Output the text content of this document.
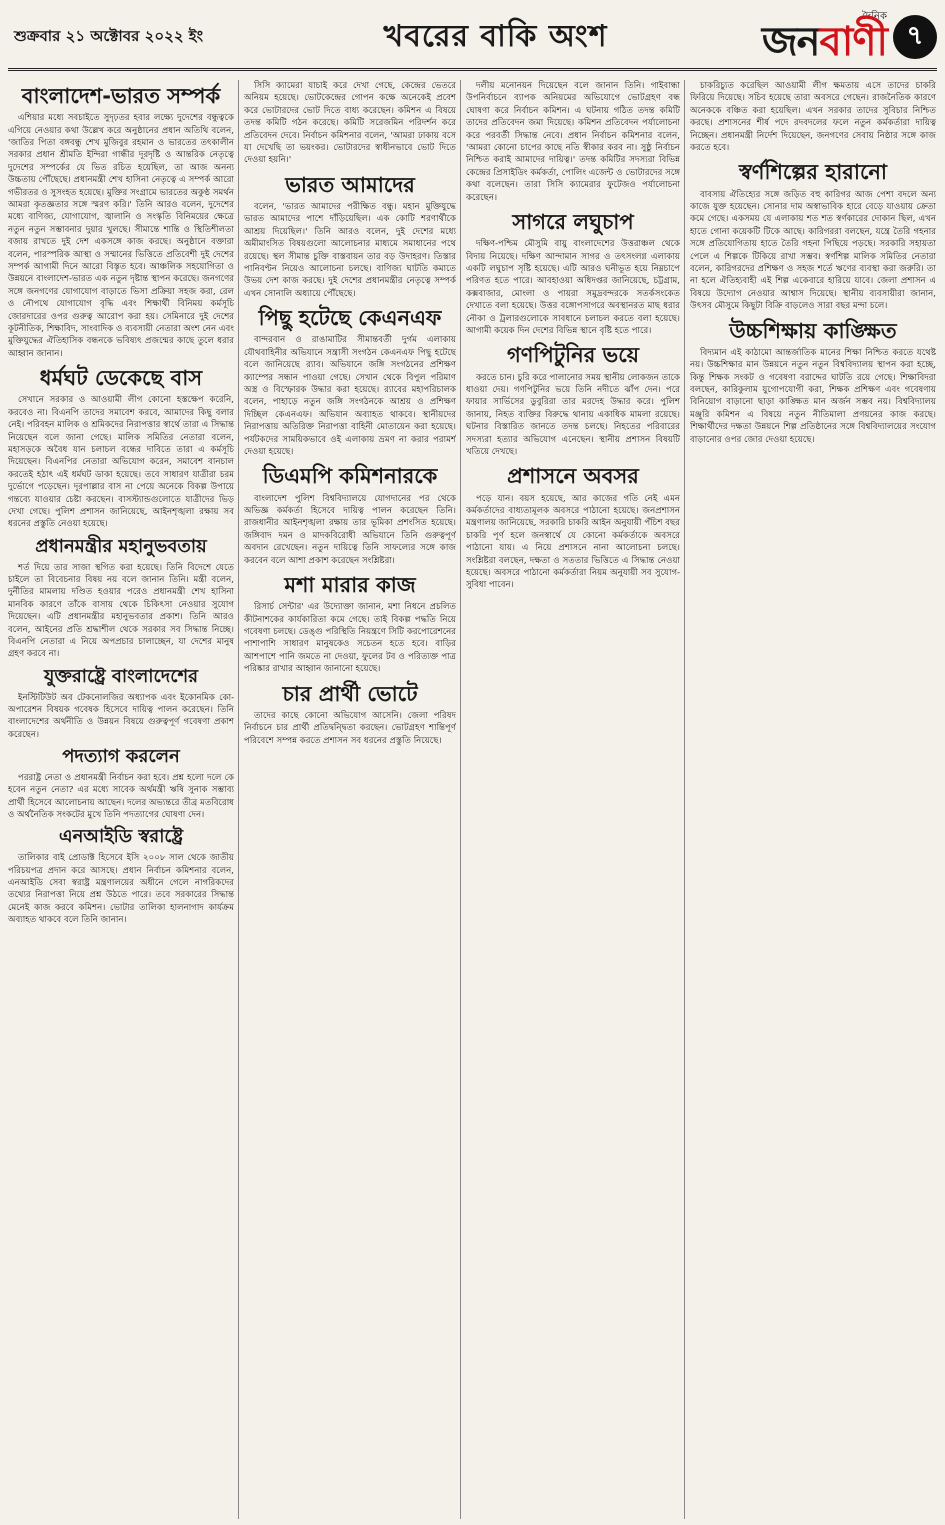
শুক্রবার ২১ অক্টোবর ২০২২ ইং	খবরের বাকি অংশ
দৈনিক
জনবাণী ৭
বাংলাদেশ-ভারত সম্পর্ক

এশিয়ার মধ্যে সবচাইতে সুদৃঢ়তর হবার লক্ষ্যে দুদেশের বন্ধুত্বকে এগিয়ে নেওয়ার কথা উল্লেখ করে অনুষ্ঠানের প্রধান অতিথি বলেন, 'জাতির পিতা বঙ্গবন্ধু শেখ মুজিবুর রহমান ও ভারতের তৎকালীন সরকার প্রধান শ্রীমতি ইন্দিরা গান্ধীর দূরদৃষ্টি ও আন্তরিক নেতৃত্বে দুদেশের সম্পর্কের যে ভিত রচিত হয়েছিল, তা আজ অনন্য উচ্চতায় পৌঁছেছে। প্রধানমন্ত্রী শেখ হাসিনা নেতৃত্বে এ সম্পর্ক আরো গভীরতর ও সুসংহত হয়েছে। মুক্তির সংগ্রামে ভারতের অকুণ্ঠ সমর্থন আমরা কৃতজ্ঞতার সঙ্গে স্মরণ করি।' তিনি আরও বলেন, দুদেশের মধ্যে বাণিজ্য, যোগাযোগ, জ্বালানি ও সংস্কৃতি বিনিময়ের ক্ষেত্রে নতুন নতুন সম্ভাবনার দুয়ার খুলছে। সীমান্তে শান্তি ও স্থিতিশীলতা বজায় রাখতে দুই দেশ একসঙ্গে কাজ করছে। অনুষ্ঠানে বক্তারা বলেন, পারস্পরিক আস্থা ও সম্মানের ভিত্তিতে প্রতিবেশী দুই দেশের সম্পর্ক আগামী দিনে আরো বিস্তৃত হবে। আঞ্চলিক সহযোগিতা ও উন্নয়নে বাংলাদেশ-ভারত এক নতুন দৃষ্টান্ত স্থাপন করেছে। জনগণের সঙ্গে জনগণের যোগাযোগ বাড়াতে ভিসা প্রক্রিয়া সহজ করা, রেল ও নৌপথে যোগাযোগ বৃদ্ধি এবং শিক্ষার্থী বিনিময় কর্মসূচি জোরদারের ওপর গুরুত্ব আরোপ করা হয়। সেমিনারে দুই দেশের কূটনীতিক, শিক্ষাবিদ, সাংবাদিক ও ব্যবসায়ী নেতারা অংশ নেন এবং মুক্তিযুদ্ধের ঐতিহাসিক বন্ধনকে ভবিষ্যৎ প্রজন্মের কাছে তুলে ধরার আহ্বান জানান।

ধর্মঘট ডেকেছে বাস

সেখানে সরকার ও আওয়ামী লীগ কোনো হস্তক্ষেপ করেনি, করবেও না। বিএনপি তাদের সমাবেশ করবে, আমাদের কিছু বলার নেই। পরিবহন মালিক ও শ্রমিকদের নিরাপত্তার স্বার্থে তারা এ সিদ্ধান্ত নিয়েছেন বলে জানা গেছে। মালিক সমিতির নেতারা বলেন, মহাসড়কে অবৈধ যান চলাচল বন্ধের দাবিতে তারা এ কর্মসূচি দিয়েছেন। বিএনপির নেতারা অভিযোগ করেন, সমাবেশ বানচাল করতেই হঠাৎ এই ধর্মঘট ডাকা হয়েছে। তবে সাধারণ যাত্রীরা চরম দুর্ভোগে পড়েছেন। দূরপাল্লার বাস না পেয়ে অনেকে বিকল্প উপায়ে গন্তব্যে যাওয়ার চেষ্টা করছেন। বাসস্ট্যান্ডগুলোতে যাত্রীদের ভিড় দেখা গেছে। পুলিশ প্রশাসন জানিয়েছে, আইনশৃঙ্খলা রক্ষায় সব ধরনের প্রস্তুতি নেওয়া হয়েছে।

প্রধানমন্ত্রীর মহানুভবতায়

শর্ত দিয়ে তার সাজা স্থগিত করা হয়েছে। তিনি বিদেশে যেতে চাইলে তা বিবেচনার বিষয় নয় বলে জানান তিনি। মন্ত্রী বলেন, দুর্নীতির মামলায় দণ্ডিত হওয়ার পরেও প্রধানমন্ত্রী শেখ হাসিনা মানবিক কারণে তাঁকে বাসায় থেকে চিকিৎসা নেওয়ার সুযোগ দিয়েছেন। এটি প্রধানমন্ত্রীর মহানুভবতার প্রকাশ। তিনি আরও বলেন, আইনের প্রতি শ্রদ্ধাশীল থেকে সরকার সব সিদ্ধান্ত নিচ্ছে। বিএনপি নেতারা এ নিয়ে অপপ্রচার চালাচ্ছেন, যা দেশের মানুষ গ্রহণ করবে না।

যুক্তরাষ্ট্রে বাংলাদেশের

ইনস্টিটিউট অব টেকনোলজির অধ্যাপক এবং ইকোনমিক কো-অপারেশন বিষয়ক গবেষক হিসেবে দায়িত্ব পালন করেছেন। তিনি বাংলাদেশের অর্থনীতি ও উন্নয়ন বিষয়ে গুরুত্বপূর্ণ গবেষণা প্রকাশ করেছেন।

পদত্যাগ করলেন

পররাষ্ট্র নেতা ও প্রধানমন্ত্রী নির্বাচন করা হবে। প্রশ্ন হলো দলে কে হবেন নতুন নেতা? এর মধ্যে সাবেক অর্থমন্ত্রী ঋষি সুনাক সম্ভাব্য প্রার্থী হিসেবে আলোচনায় আছেন। দলের অভ্যন্তরে তীব্র মতবিরোধ ও অর্থনৈতিক সংকটের মুখে তিনি পদত্যাগের ঘোষণা দেন।

এনআইডি স্বরাষ্ট্রে

তালিকার বাই প্রোডাক্ট হিসেবে ইসি ২০০৮ সাল থেকে জাতীয় পরিচয়পত্র প্রদান করে আসছে। প্রধান নির্বাচন কমিশনার বলেন, এনআইডি সেবা স্বরাষ্ট্র মন্ত্রণালয়ের অধীনে গেলে নাগরিকদের তথ্যের নিরাপত্তা নিয়ে প্রশ্ন উঠতে পারে। তবে সরকারের সিদ্ধান্ত মেনেই কাজ করবে কমিশন। ভোটার তালিকা হালনাগাদ কার্যক্রম অব্যাহত থাকবে বলে তিনি জানান।

সিসি ক্যামেরা যাচাই করে দেখা গেছে, কেন্দ্রের ভেতরে অনিয়ম হয়েছে। ভোটকেন্দ্রের গোপন কক্ষে অনেকেই প্রবেশ করে ভোটারদের ভোট দিতে বাধ্য করেছেন। কমিশন এ বিষয়ে তদন্ত কমিটি গঠন করেছে। কমিটি সরেজমিন পরিদর্শন করে প্রতিবেদন দেবে। নির্বাচন কমিশনার বলেন, 'আমরা ঢাকায় বসে যা দেখেছি তা ভয়ংকর। ভোটারদের স্বাধীনভাবে ভোট দিতে দেওয়া হয়নি।'

ভারত আমাদের

বলেন, 'ভারত আমাদের পরীক্ষিত বন্ধু। মহান মুক্তিযুদ্ধে ভারত আমাদের পাশে দাঁড়িয়েছিল। এক কোটি শরণার্থীকে আশ্রয় দিয়েছিল।' তিনি আরও বলেন, দুই দেশের মধ্যে অমীমাংসিত বিষয়গুলো আলোচনার মাধ্যমে সমাধানের পথে রয়েছে। স্থল সীমান্ত চুক্তি বাস্তবায়ন তার বড় উদাহরণ। তিস্তার পানিবণ্টন নিয়েও আলোচনা চলছে। বাণিজ্য ঘাটতি কমাতে উভয় দেশ কাজ করছে। দুই দেশের প্রধানমন্ত্রীর নেতৃত্বে সম্পর্ক এখন সোনালি অধ্যায়ে পৌঁছেছে।

পিছু হটেছে কেএনএফ

বান্দরবান ও রাঙামাটির সীমান্তবর্তী দুর্গম এলাকায় যৌথবাহিনীর অভিযানে সন্ত্রাসী সংগঠন কেএনএফ পিছু হটেছে বলে জানিয়েছে র‍্যাব। অভিযানে জঙ্গি সংগঠনের প্রশিক্ষণ ক্যাম্পের সন্ধান পাওয়া গেছে। সেখান থেকে বিপুল পরিমাণ অস্ত্র ও বিস্ফোরক উদ্ধার করা হয়েছে। র‍্যাবের মহাপরিচালক বলেন, পাহাড়ে নতুন জঙ্গি সংগঠনকে আশ্রয় ও প্রশিক্ষণ দিচ্ছিল কেএনএফ। অভিযান অব্যাহত থাকবে। স্থানীয়দের নিরাপত্তায় অতিরিক্ত নিরাপত্তা বাহিনী মোতায়েন করা হয়েছে। পর্যটকদের সাময়িকভাবে ওই এলাকায় ভ্রমণ না করার পরামর্শ দেওয়া হয়েছে।

ডিএমপি কমিশনারকে

বাংলাদেশ পুলিশ বিশ্ববিদ্যালয়ে যোগদানের পর থেকে অভিজ্ঞ কর্মকর্তা হিসেবে দায়িত্ব পালন করেছেন তিনি। রাজধানীর আইনশৃঙ্খলা রক্ষায় তার ভূমিকা প্রশংসিত হয়েছে। জঙ্গিবাদ দমন ও মাদকবিরোধী অভিযানে তিনি গুরুত্বপূর্ণ অবদান রেখেছেন। নতুন দায়িত্বে তিনি সাফল্যের সঙ্গে কাজ করবেন বলে আশা প্রকাশ করেছেন সংশ্লিষ্টরা।

মশা মারার কাজ

রিসার্চ সেন্টার' এর উদ্যোক্তা জানান, মশা নিধনে প্রচলিত কীটনাশকের কার্যকারিতা কমে গেছে। তাই বিকল্প পদ্ধতি নিয়ে গবেষণা চলছে। ডেঙ্গু পরিস্থিতি নিয়ন্ত্রণে সিটি করপোরেশনের পাশাপাশি সাধারণ মানুষকেও সচেতন হতে হবে। বাড়ির আশপাশে পানি জমতে না দেওয়া, ফুলের টব ও পরিত্যক্ত পাত্র পরিষ্কার রাখার আহ্বান জানানো হয়েছে।

চার প্রার্থী ভোটে

তাদের কাছে কোনো অভিযোগ আসেনি। জেলা পরিষদ নির্বাচনে চার প্রার্থী প্রতিদ্বন্দ্বিতা করছেন। ভোটগ্রহণ শান্তিপূর্ণ পরিবেশে সম্পন্ন করতে প্রশাসন সব ধরনের প্রস্তুতি নিয়েছে।

দলীয় মনোনয়ন দিয়েছেন বলে জানান তিনি। গাইবান্ধা উপনির্বাচনে ব্যাপক অনিয়মের অভিযোগে ভোটগ্রহণ বন্ধ ঘোষণা করে নির্বাচন কমিশন। এ ঘটনায় গঠিত তদন্ত কমিটি তাদের প্রতিবেদন জমা দিয়েছে। কমিশন প্রতিবেদন পর্যালোচনা করে পরবর্তী সিদ্ধান্ত নেবে। প্রধান নির্বাচন কমিশনার বলেন, 'আমরা কোনো চাপের কাছে নতি স্বীকার করব না। সুষ্ঠু নির্বাচন নিশ্চিত করাই আমাদের দায়িত্ব।' তদন্ত কমিটির সদস্যরা বিভিন্ন কেন্দ্রের প্রিসাইডিং কর্মকর্তা, পোলিং এজেন্ট ও ভোটারদের সঙ্গে কথা বলেছেন। তারা সিসি ক্যামেরার ফুটেজও পর্যালোচনা করেছেন।

সাগরে লঘুচাপ

দক্ষিণ-পশ্চিম মৌসুমি বায়ু বাংলাদেশের উত্তরাঞ্চল থেকে বিদায় নিয়েছে। দক্ষিণ আন্দামান সাগর ও তৎসংলগ্ন এলাকায় একটি লঘুচাপ সৃষ্টি হয়েছে। এটি আরও ঘনীভূত হয়ে নিম্নচাপে পরিণত হতে পারে। আবহাওয়া অধিদপ্তর জানিয়েছে, চট্টগ্রাম, কক্সবাজার, মোংলা ও পায়রা সমুদ্রবন্দরকে সতর্কসংকেত দেখাতে বলা হয়েছে। উত্তর বঙ্গোপসাগরে অবস্থানরত মাছ ধরার নৌকা ও ট্রলারগুলোকে সাবধানে চলাচল করতে বলা হয়েছে। আগামী কয়েক দিন দেশের বিভিন্ন স্থানে বৃষ্টি হতে পারে।

গণপিটুনির ভয়ে

করতে চান। চুরি করে পালানোর সময় স্থানীয় লোকজন তাকে ধাওয়া দেয়। গণপিটুনির ভয়ে তিনি নদীতে ঝাঁপ দেন। পরে ফায়ার সার্ভিসের ডুবুরিরা তার মরদেহ উদ্ধার করে। পুলিশ জানায়, নিহত ব্যক্তির বিরুদ্ধে থানায় একাধিক মামলা রয়েছে। ঘটনার বিস্তারিত জানতে তদন্ত চলছে। নিহতের পরিবারের সদস্যরা হত্যার অভিযোগ এনেছেন। স্থানীয় প্রশাসন বিষয়টি খতিয়ে দেখছে।

প্রশাসনে অবসর

পড়ে যান। বয়স হয়েছে, আর কাজের গতি নেই এমন কর্মকর্তাদের বাধ্যতামূলক অবসরে পাঠানো হয়েছে। জনপ্রশাসন মন্ত্রণালয় জানিয়েছে, সরকারি চাকরি আইন অনুযায়ী পঁচিশ বছর চাকরি পূর্ণ হলে জনস্বার্থে যে কোনো কর্মকর্তাকে অবসরে পাঠানো যায়। এ নিয়ে প্রশাসনে নানা আলোচনা চলছে। সংশ্লিষ্টরা বলছেন, দক্ষতা ও সততার ভিত্তিতে এ সিদ্ধান্ত নেওয়া হয়েছে। অবসরে পাঠানো কর্মকর্তারা নিয়ম অনুযায়ী সব সুযোগ-সুবিধা পাবেন।

চাকরিচ্যুত করেছিল আওয়ামী লীগ ক্ষমতায় এসে তাদের চাকরি ফিরিয়ে দিয়েছে। সচিব হয়েছে তারা অবসরে গেছেন। রাজনৈতিক কারণে অনেককে বঞ্চিত করা হয়েছিল। এখন সরকার তাদের সুবিচার নিশ্চিত করছে। প্রশাসনের শীর্ষ পদে রদবদলের ফলে নতুন কর্মকর্তারা দায়িত্ব নিচ্ছেন। প্রধানমন্ত্রী নির্দেশ দিয়েছেন, জনগণের সেবায় নিষ্ঠার সঙ্গে কাজ করতে হবে।

স্বর্ণশিল্পের হারানো

বাবসায় ঐতিহ্যের সঙ্গে জড়িত বহু কারিগর আজ পেশা বদলে অন্য কাজে যুক্ত হয়েছেন। সোনার দাম অস্বাভাবিক হারে বেড়ে যাওয়ায় ক্রেতা কমে গেছে। একসময় যে এলাকায় শত শত স্বর্ণকারের দোকান ছিল, এখন হাতে গোনা কয়েকটি টিকে আছে। কারিগররা বলছেন, যন্ত্রে তৈরি গহনার সঙ্গে প্রতিযোগিতায় হাতে তৈরি গহনা পিছিয়ে পড়ছে। সরকারি সহায়তা পেলে এ শিল্পকে টিকিয়ে রাখা সম্ভব। স্বর্ণশিল্প মালিক সমিতির নেতারা বলেন, কারিগরদের প্রশিক্ষণ ও সহজ শর্তে ঋণের ব্যবস্থা করা জরুরি। তা না হলে ঐতিহ্যবাহী এই শিল্প একেবারে হারিয়ে যাবে। জেলা প্রশাসন এ বিষয়ে উদ্যোগ নেওয়ার আশ্বাস দিয়েছে। স্থানীয় ব্যবসায়ীরা জানান, উৎসব মৌসুমে কিছুটা বিক্রি বাড়লেও সারা বছর মন্দা চলে।

উচ্চশিক্ষায় কাঙ্ক্ষিত

বিদ্যমান এই কাঠামো আন্তর্জাতিক মানের শিক্ষা নিশ্চিত করতে যথেষ্ট নয়। উচ্চশিক্ষার মান উন্নয়নে নতুন নতুন বিশ্ববিদ্যালয় স্থাপন করা হচ্ছে, কিন্তু শিক্ষক সংকট ও গবেষণা বরাদ্দের ঘাটতি রয়ে গেছে। শিক্ষাবিদরা বলছেন, কারিকুলাম যুগোপযোগী করা, শিক্ষক প্রশিক্ষণ এবং গবেষণায় বিনিয়োগ বাড়ানো ছাড়া কাঙ্ক্ষিত মান অর্জন সম্ভব নয়। বিশ্ববিদ্যালয় মঞ্জুরি কমিশন এ বিষয়ে নতুন নীতিমালা প্রণয়নের কাজ করছে। শিক্ষার্থীদের দক্ষতা উন্নয়নে শিল্প প্রতিষ্ঠানের সঙ্গে বিশ্ববিদ্যালয়ের সংযোগ বাড়ানোর ওপর জোর দেওয়া হয়েছে।
